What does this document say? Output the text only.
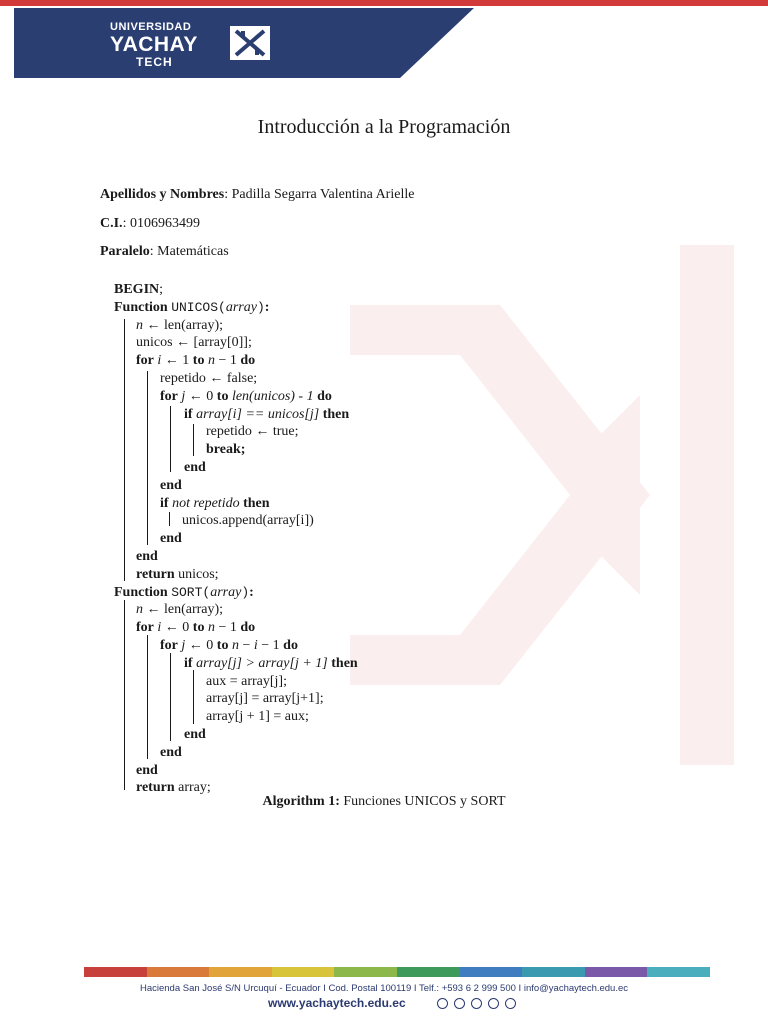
UNIVERSIDAD
YACHAY
TECH
Introducción a la Programación
Apellidos y Nombres: Padilla Segarra Valentina Arielle
C.I.: 0106963499
Paralelo: Matemáticas
BEGIN;
Function UNICOS(array):
n ← len(array);
unicos ← [array[0]];
for i ← 1 to n − 1 do
repetido ← false;
for j ← 0 to len(unicos) - 1 do
if array[i] == unicos[j] then
repetido ← true;
break;
end
end
if not repetido then
unicos.append(array[i])
end
end
return unicos;
Function SORT(array):
n ← len(array);
for i ← 0 to n − 1 do
for j ← 0 to n − i − 1 do
if array[j] > array[j + 1] then
aux = array[j];
array[j] = array[j+1];
array[j + 1] = aux;
end
end
end
return array;
Algorithm 1: Funciones UNICOS y SORT
Hacienda San José S/N Urcuquí - Ecuador I Cod. Postal 100119 I Telf.: +593 6 2 999 500 I info@yachaytech.edu.ec
www.yachaytech.edu.ec
